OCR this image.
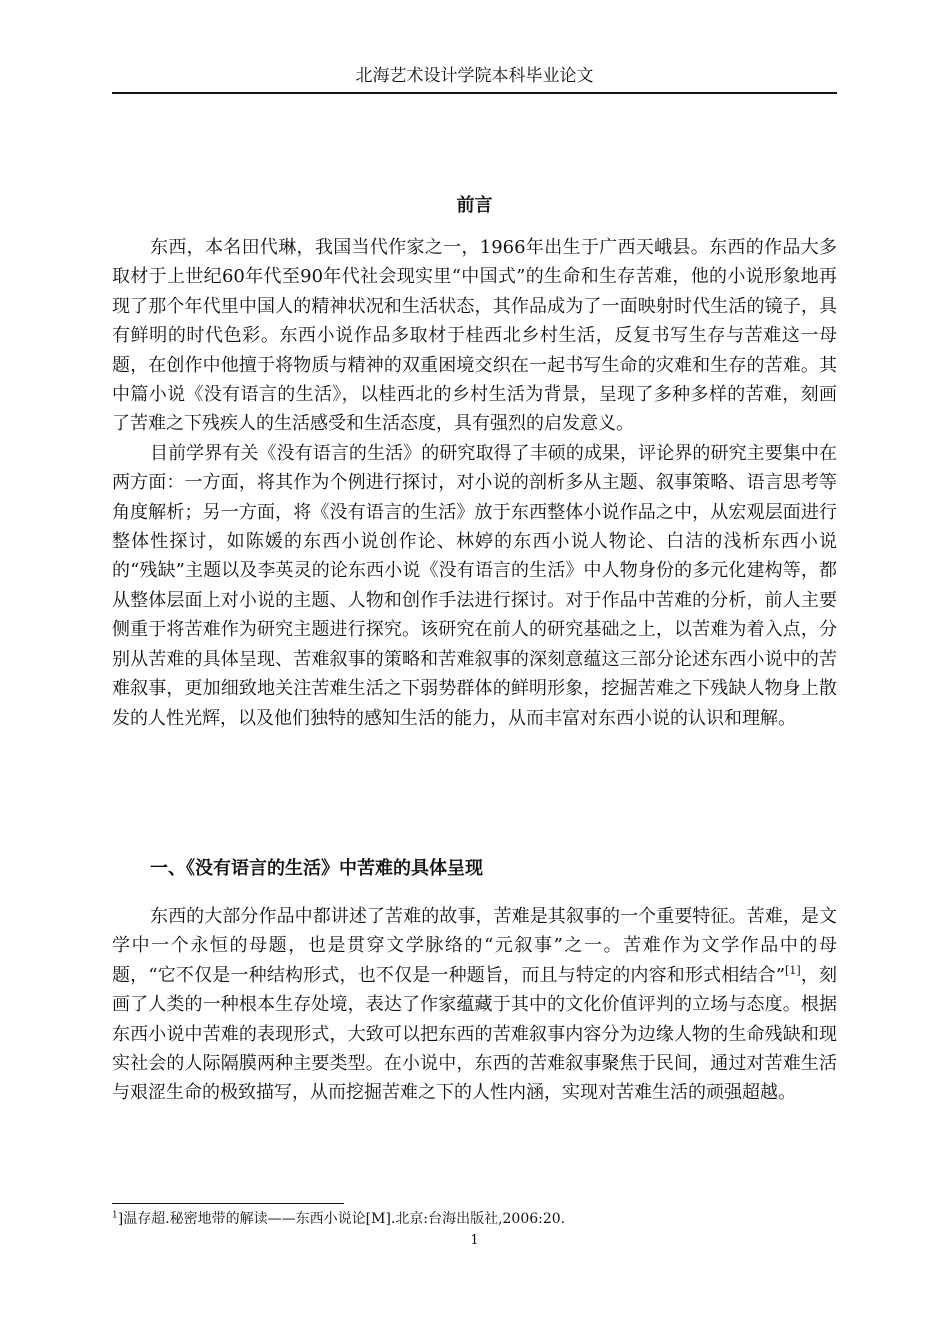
北海艺术设计学院本科毕业论文
前言

东西，本名田代琳，我国当代作家之一，1966年出生于广西天峨县。东西的作品大多取材于上世纪60年代至90年代社会现实里“中国式”的生命和生存苦难，他的小说形象地再现了那个年代里中国人的精神状况和生活状态，其作品成为了一面映射时代生活的镜子，具有鲜明的时代色彩。东西小说作品多取材于桂西北乡村生活，反复书写生存与苦难这一母题，在创作中他擅于将物质与精神的双重困境交织在一起书写生命的灾难和生存的苦难。其中篇小说《没有语言的生活》，以桂西北的乡村生活为背景，呈现了多种多样的苦难，刻画了苦难之下残疾人的生活感受和生活态度，具有强烈的启发意义。

目前学界有关《没有语言的生活》的研究取得了丰硕的成果，评论界的研究主要集中在两方面：一方面，将其作为个例进行探讨，对小说的剖析多从主题、叙事策略、语言思考等角度解析；另一方面，将《没有语言的生活》放于东西整体小说作品之中，从宏观层面进行整体性探讨，如陈媛的东西小说创作论、林婷的东西小说人物论、白洁的浅析东西小说的“残缺”主题以及李英灵的论东西小说《没有语言的生活》中人物身份的多元化建构等，都从整体层面上对小说的主题、人物和创作手法进行探讨。对于作品中苦难的分析，前人主要侧重于将苦难作为研究主题进行探究。该研究在前人的研究基础之上，以苦难为着入点，分别从苦难的具体呈现、苦难叙事的策略和苦难叙事的深刻意蕴这三部分论述东西小说中的苦难叙事，更加细致地关注苦难生活之下弱势群体的鲜明形象，挖掘苦难之下残缺人物身上散发的人性光辉，以及他们独特的感知生活的能力，从而丰富对东西小说的认识和理解。

一、《没有语言的生活》中苦难的具体呈现

东西的大部分作品中都讲述了苦难的故事，苦难是其叙事的一个重要特征。苦难，是文学中一个永恒的母题，也是贯穿文学脉络的“元叙事”之一。苦难作为文学作品中的母题，“它不仅是一种结构形式，也不仅是一种题旨，而且与特定的内容和形式相结合”[1]，刻画了人类的一种根本生存处境，表达了作家蕴藏于其中的文化价值评判的立场与态度。根据东西小说中苦难的表现形式，大致可以把东西的苦难叙事内容分为边缘人物的生命残缺和现实社会的人际隔膜两种主要类型。在小说中，东西的苦难叙事聚焦于民间，通过对苦难生活与艰涩生命的极致描写，从而挖掘苦难之下的人性内涵，实现对苦难生活的顽强超越。

$^1$]温存超.秘密地带的解读——东西小说论[M].北京:台海出版社,2006:20.
1
